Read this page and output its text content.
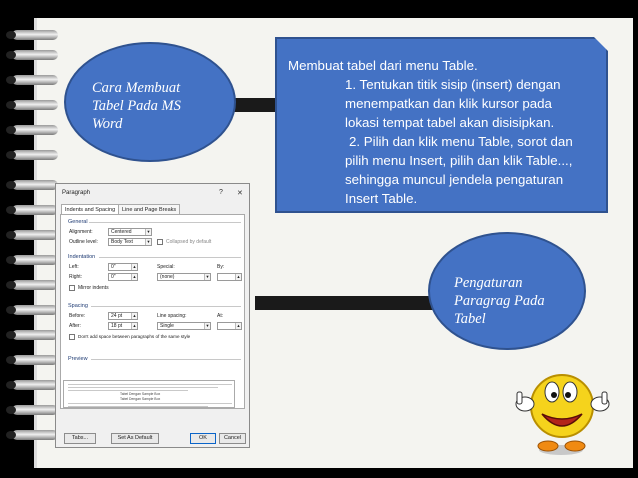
Membuat tabel dari menu Table.
1. Tentukan titik sisip (insert) dengan
menempatkan dan klik kursor pada
lokasi tempat tabel akan disisipkan.
2. Pilih dan klik menu Table, sorot dan
pilih menu Insert, pilih dan klik Table...,
sehingga muncul jendela pengaturan
Insert Table.
Cara Membuat
Tabel Pada MS
Word
Pengaturan
Paragrag Pada
Tabel
Paragraph	? ✕
Indents and Spacing	Line and Page Breaks
General
Alignment:	Centered	▼
Outline level:	Body Text	▼	Collapsed by default
Indentation
Left:	0"	▲
Right:	0"	▲
Special:
(none)	▼
By:
▲
Mirror indents
Spacing
Before:	24 pt	▲
After:	18 pt	▲
Line spacing:
Single	▼
At:
▲
Don't add space between paragraphs of the same style
Preview
Tabel Dengan Sample Box
Tabel Dengan Sample Box
Tabs...	Set As Default	OK	Cancel
